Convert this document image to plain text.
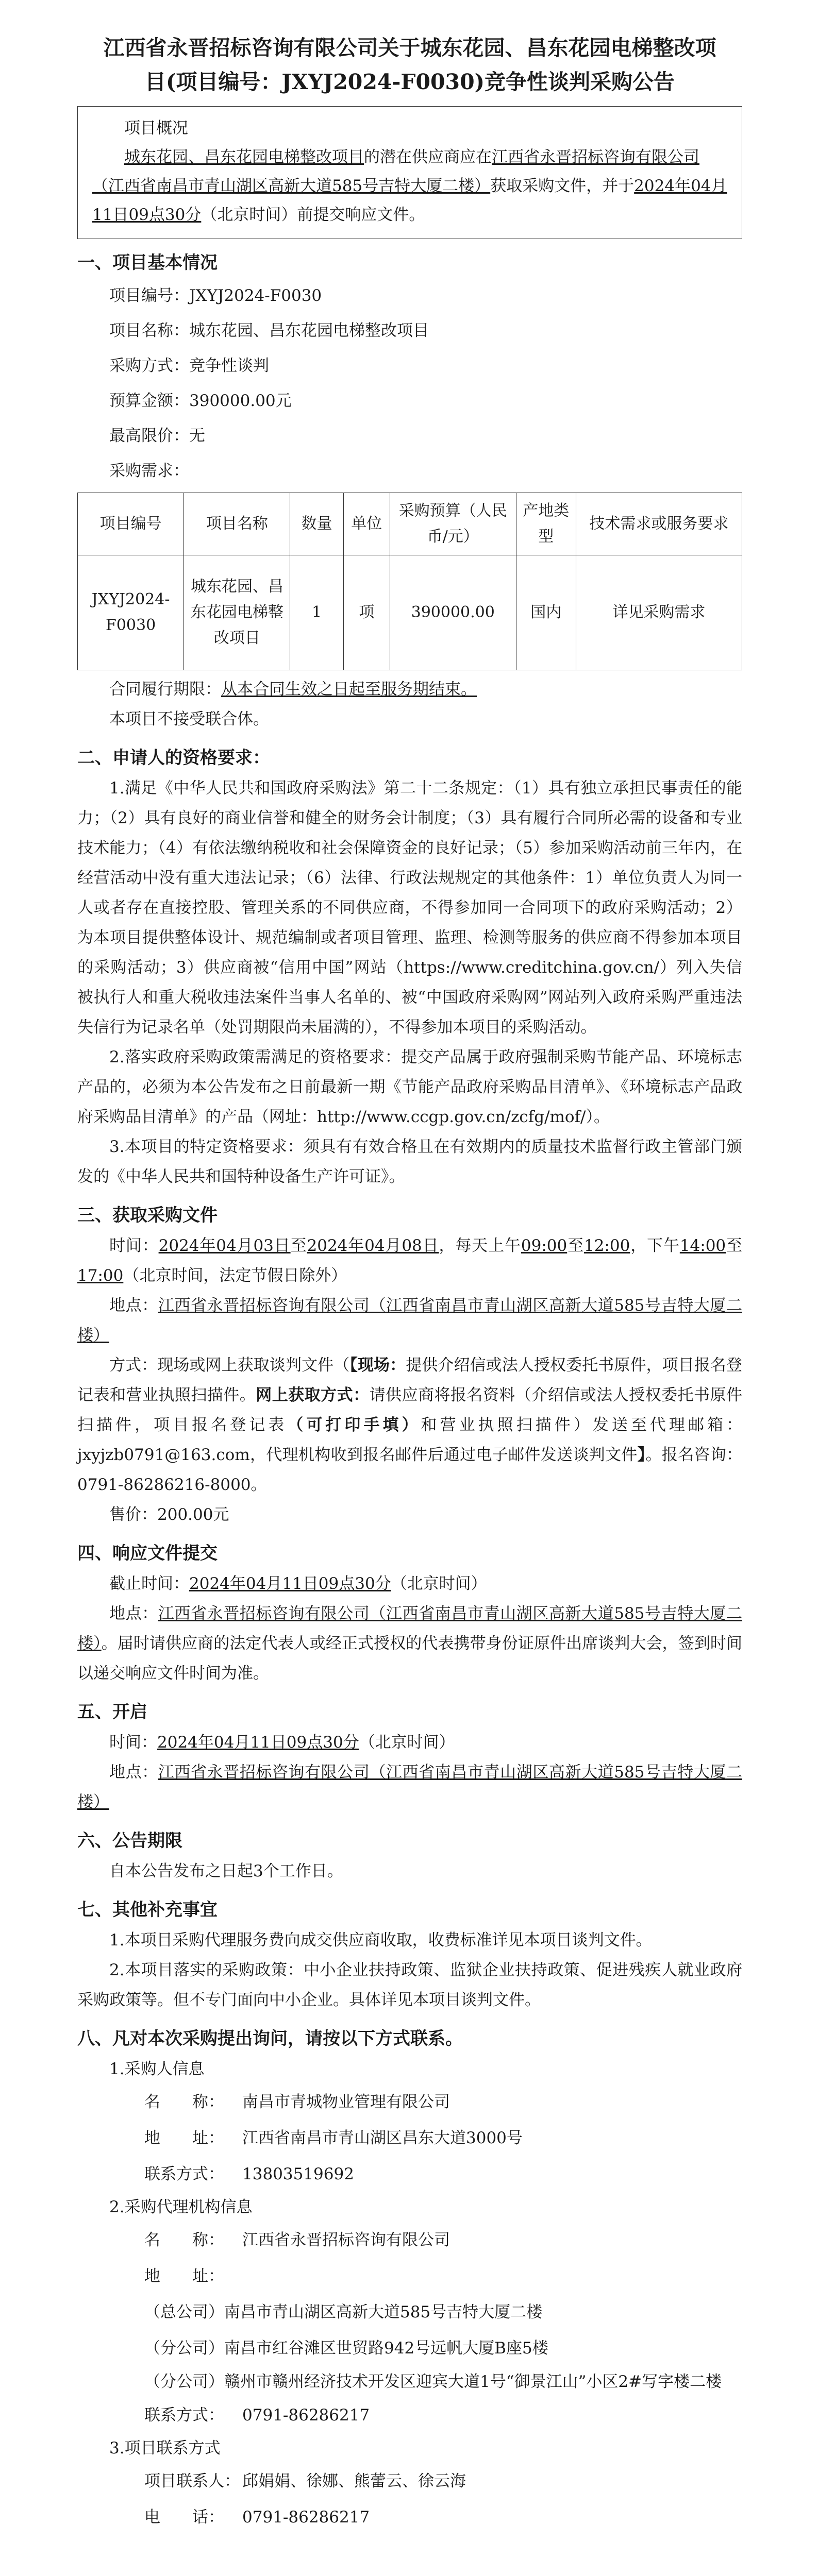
江西省永晋招标咨询有限公司关于城东花园、昌东花园电梯整改项
目(项目编号：JXYJ2024-F0030)竞争性谈判采购公告
项目概况
城东花园、昌东花园电梯整改项目的潜在供应商应在江西省永晋招标咨询有限公司（江西省南昌市青山湖区高新大道585号吉特大厦二楼）获取采购文件，并于2024年04月11日09点30分（北京时间）前提交响应文件。
一、项目基本情况
项目编号：JXYJ2024-F0030
项目名称：城东花园、昌东花园电梯整改项目
采购方式：竞争性谈判
预算金额：390000.00元
最高限价：无
采购需求：
项目编号	项目名称	数量	单位	采购预算（人民币/元）	产地类型	技术需求或服务要求
JXYJ2024-F0030	城东花园、昌东花园电梯整改项目	1	项	390000.00	国内	详见采购需求
合同履行期限：从本合同生效之日起至服务期结束。
本项目不接受联合体。
二、申请人的资格要求：
1.满足《中华人民共和国政府采购法》第二十二条规定：（1）具有独立承担民事责任的能力；（2）具有良好的商业信誉和健全的财务会计制度；（3）具有履行合同所必需的设备和专业技术能力；（4）有依法缴纳税收和社会保障资金的良好记录；（5）参加采购活动前三年内，在经营活动中没有重大违法记录；（6）法律、行政法规规定的其他条件：1）单位负责人为同一人或者存在直接控股、管理关系的不同供应商，不得参加同一合同项下的政府采购活动；2）为本项目提供整体设计、规范编制或者项目管理、监理、检测等服务的供应商不得参加本项目的采购活动；3）供应商被“信用中国”网站（https://www.creditchina.gov.cn/）列入失信被执行人和重大税收违法案件当事人名单的、被“中国政府采购网”网站列入政府采购严重违法失信行为记录名单（处罚期限尚未届满的），不得参加本项目的采购活动。
2.落实政府采购政策需满足的资格要求：提交产品属于政府强制采购节能产品、环境标志产品的，必须为本公告发布之日前最新一期《节能产品政府采购品目清单》、《环境标志产品政府采购品目清单》的产品（网址：http://www.ccgp.gov.cn/zcfg/mof/）。
3.本项目的特定资格要求：须具有有效合格且在有效期内的质量技术监督行政主管部门颁发的《中华人民共和国特种设备生产许可证》。
三、获取采购文件
时间：2024年04月03日至2024年04月08日，每天上午09:00至12:00，下午14:00至17:00（北京时间，法定节假日除外）
地点：江西省永晋招标咨询有限公司（江西省南昌市青山湖区高新大道585号吉特大厦二楼）
方式：现场或网上获取谈判文件（【现场：提供介绍信或法人授权委托书原件，项目报名登记表和营业执照扫描件。网上获取方式：请供应商将报名资料（介绍信或法人授权委托书原件扫描件，项目报名登记表（可打印手填）和营业执照扫描件）发送至代理邮箱：jxyjzb0791@163.com，代理机构收到报名邮件后通过电子邮件发送谈判文件】。报名咨询：0791-86286216-8000。
售价：200.00元
四、响应文件提交
截止时间：2024年04月11日09点30分（北京时间）
地点：江西省永晋招标咨询有限公司（江西省南昌市青山湖区高新大道585号吉特大厦二楼）。届时请供应商的法定代表人或经正式授权的代表携带身份证原件出席谈判大会，签到时间以递交响应文件时间为准。
五、开启
时间：2024年04月11日09点30分（北京时间）
地点：江西省永晋招标咨询有限公司（江西省南昌市青山湖区高新大道585号吉特大厦二楼）
六、公告期限
自本公告发布之日起3个工作日。
七、其他补充事宜
1.本项目采购代理服务费向成交供应商收取，收费标准详见本项目谈判文件。
2.本项目落实的采购政策：中小企业扶持政策、监狱企业扶持政策、促进残疾人就业政府采购政策等。但不专门面向中小企业。具体详见本项目谈判文件。
八、凡对本次采购提出询问，请按以下方式联系。
1.采购人信息
名　　称： 南昌市青城物业管理有限公司
地　　址： 江西省南昌市青山湖区昌东大道3000号
联系方式： 13803519692
2.采购代理机构信息
名　　称： 江西省永晋招标咨询有限公司
地　　址：
（总公司）南昌市青山湖区高新大道585号吉特大厦二楼
（分公司）南昌市红谷滩区世贸路942号远帆大厦B座5楼
（分公司）赣州市赣州经济技术开发区迎宾大道1号“御景江山”小区2#写字楼二楼
联系方式： 0791-86286217
3.项目联系方式
项目联系人： 邱娟娟、徐娜、熊蕾云、徐云海
电　　话： 0791-86286217
